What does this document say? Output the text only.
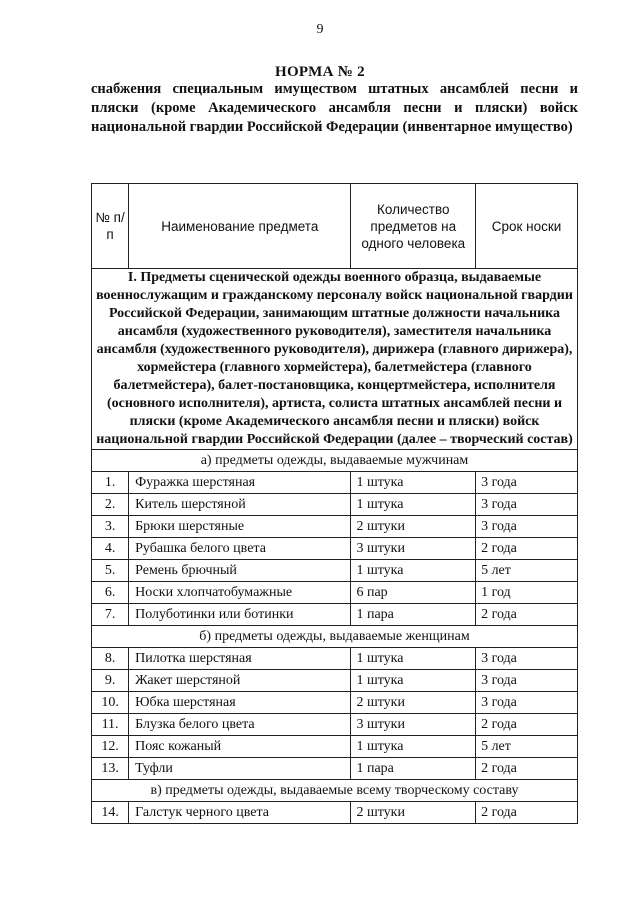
9
НОРМА № 2
снабжения специальным имуществом штатных ансамблей песни и пляски (кроме Академического ансамбля песни и пляски) войск национальной гвардии Российской Федерации (инвентарное имущество)
№ п/п	Наименование предмета	Количество предметов на одного человека	Срок носки
I. Предметы сценической одежды военного образца, выдаваемые военнослужащим и гражданскому персоналу войск национальной гвардии Российской Федерации, занимающим штатные должности начальника ансамбля (художественного руководителя), заместителя начальника ансамбля (художественного руководителя), дирижера (главного дирижера), хормейстера (главного хормейстера), балетмейстера (главного балетмейстера), балет-постановщика, концертмейстера, исполнителя (основного исполнителя), артиста, солиста штатных ансамблей песни и пляски (кроме Академического ансамбля песни и пляски) войск национальной гвардии Российской Федерации (далее – творческий состав)			
а) предметы одежды, выдаваемые мужчинам			
1.	Фуражка шерстяная	1 штука	3 года
2.	Китель шерстяной	1 штука	3 года
3.	Брюки шерстяные	2 штуки	3 года
4.	Рубашка белого цвета	3 штуки	2 года
5.	Ремень брючный	1 штука	5 лет
6.	Носки хлопчатобумажные	6 пар	1 год
7.	Полуботинки или ботинки	1 пара	2 года
б) предметы одежды, выдаваемые женщинам			
8.	Пилотка шерстяная	1 штука	3 года
9.	Жакет шерстяной	1 штука	3 года
10.	Юбка шерстяная	2 штуки	3 года
11.	Блузка белого цвета	3 штуки	2 года
12.	Пояс кожаный	1 штука	5 лет
13.	Туфли	1 пара	2 года
в) предметы одежды, выдаваемые всему творческому составу			
14.	Галстук черного цвета	2 штуки	2 года
